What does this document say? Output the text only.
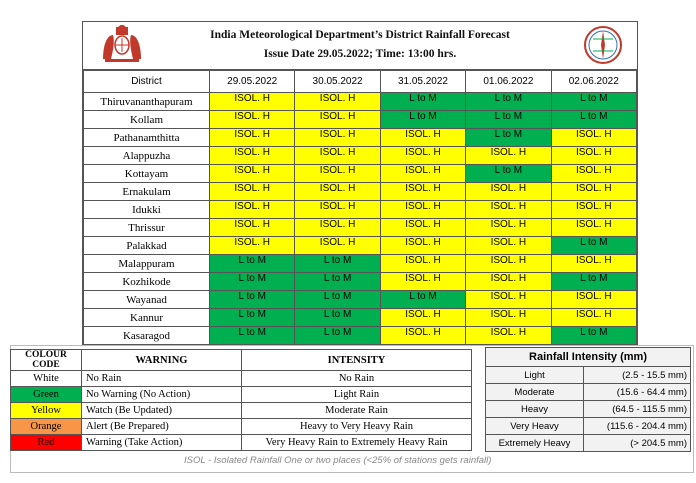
India Meteorological Department’s District Rainfall Forecast
Issue Date 29.05.2022; Time: 13:00 hrs.
District	29.05.2022	30.05.2022	31.05.2022	01.06.2022	02.06.2022
Thiruvananthapuram	ISOL. H	ISOL. H	L to M	L to M	L to M

Kollam	ISOL. H	ISOL. H	L to M	L to M	L to M

Pathanamthitta	ISOL. H	ISOL. H	ISOL. H	L to M	ISOL. H

Alappuzha	ISOL. H	ISOL. H	ISOL. H	ISOL. H	ISOL. H

Kottayam	ISOL. H	ISOL. H	ISOL. H	L to M	ISOL. H

Ernakulam	ISOL. H	ISOL. H	ISOL. H	ISOL. H	ISOL. H

Idukki	ISOL. H	ISOL. H	ISOL. H	ISOL. H	ISOL. H

Thrissur	ISOL. H	ISOL. H	ISOL. H	ISOL. H	ISOL. H

Palakkad	ISOL. H	ISOL. H	ISOL. H	ISOL. H	L to M

Malappuram	L to M	L to M	ISOL. H	ISOL. H	ISOL. H

Kozhikode	L to M	L to M	ISOL. H	ISOL. H	L to M

Wayanad	L to M	L to M	L to M	ISOL. H	ISOL. H

Kannur	L to M	L to M	ISOL. H	ISOL. H	ISOL. H

Kasaragod	L to M	L to M	ISOL. H	ISOL. H	L to M
COLOUR CODE	WARNING	INTENSITY
White	No Rain	No Rain
Green	No Warning (No Action)	Light Rain
Yellow	Watch (Be Updated)	Moderate Rain
Orange	Alert (Be Prepared)	Heavy to Very Heavy Rain
Red	Warning (Take Action)	Very Heavy Rain to Extremely Heavy Rain
Rainfall Intensity (mm)	
Light	(2.5 - 15.5 mm)
Moderate	(15.6 - 64.4 mm)
Heavy	(64.5 - 115.5 mm)
Very Heavy	(115.6 - 204.4 mm)
Extremely Heavy	(> 204.5 mm)
ISOL - Isolated Rainfall One or two places (<25% of stations gets rainfall)
